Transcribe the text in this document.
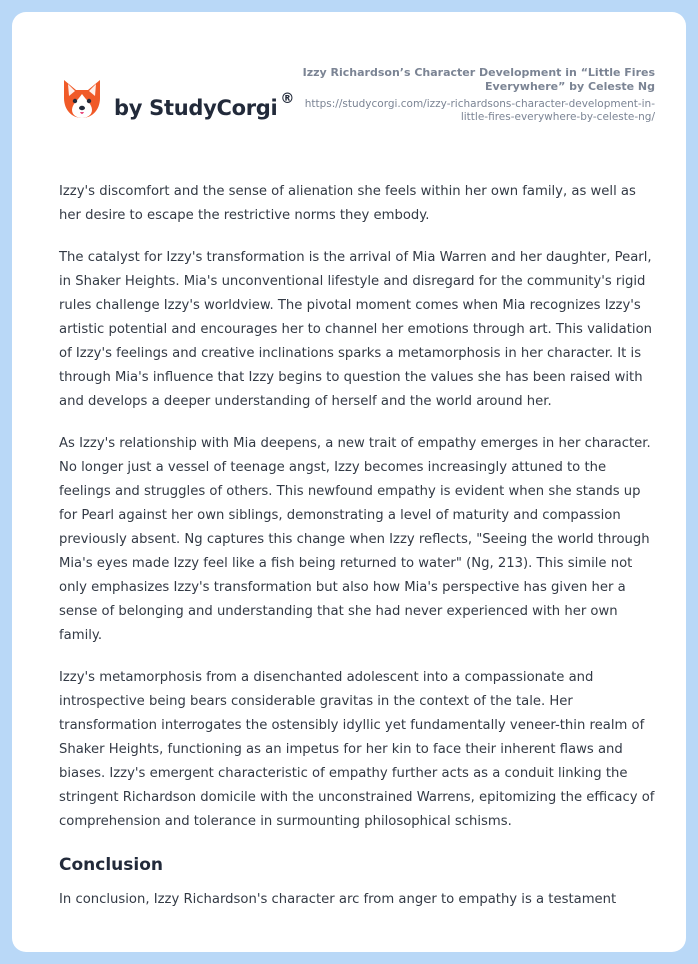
by StudyCorgi ®
Izzy Richardson’s Character Development in “Little Fires Everywhere” by Celeste Ng
https://studycorgi.com/izzy-richardsons-character-development-in-little-fires-everywhere-by-celeste-ng/

Izzy's discomfort and the sense of alienation she feels within her own family, as well as her desire to escape the restrictive norms they embody.

The catalyst for Izzy's transformation is the arrival of Mia Warren and her daughter, Pearl, in Shaker Heights. Mia's unconventional lifestyle and disregard for the community's rigid rules challenge Izzy's worldview. The pivotal moment comes when Mia recognizes Izzy's artistic potential and encourages her to channel her emotions through art. This validation of Izzy's feelings and creative inclinations sparks a metamorphosis in her character. It is through Mia's influence that Izzy begins to question the values she has been raised with and develops a deeper understanding of herself and the world around her.

As Izzy's relationship with Mia deepens, a new trait of empathy emerges in her character. No longer just a vessel of teenage angst, Izzy becomes increasingly attuned to the feelings and struggles of others. This newfound empathy is evident when she stands up for Pearl against her own siblings, demonstrating a level of maturity and compassion previously absent. Ng captures this change when Izzy reflects, "Seeing the world through Mia's eyes made Izzy feel like a fish being returned to water" (Ng, 213). This simile not only emphasizes Izzy's transformation but also how Mia's perspective has given her a sense of belonging and understanding that she had never experienced with her own family.

Izzy's metamorphosis from a disenchanted adolescent into a compassionate and introspective being bears considerable gravitas in the context of the tale. Her transformation interrogates the ostensibly idyllic yet fundamentally veneer-thin realm of Shaker Heights, functioning as an impetus for her kin to face their inherent flaws and biases. Izzy's emergent characteristic of empathy further acts as a conduit linking the stringent Richardson domicile with the unconstrained Warrens, epitomizing the efficacy of comprehension and tolerance in surmounting philosophical schisms.

Conclusion

In conclusion, Izzy Richardson's character arc from anger to empathy is a testament
